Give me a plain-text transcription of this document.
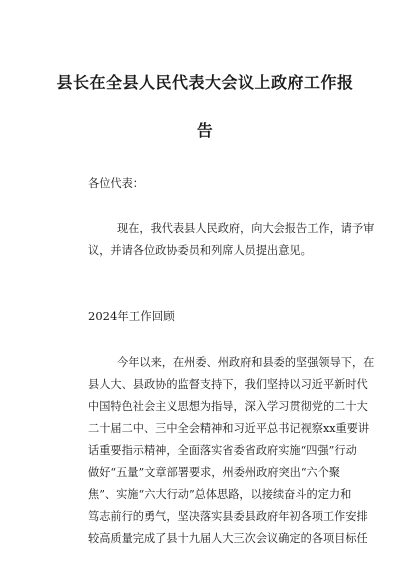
县长在全县人民代表大会议上政府工作报
告

各位代表：

现在，我代表县人民政府，向大会报告工作，请予审

议，并请各位政协委员和列席人员提出意见。

2024年工作回顾

今年以来，在州委、州政府和县委的坚强领导下，在

县人大、县政协的监督支持下，我们坚持以习近平新时代

中国特色社会主义思想为指导，深入学习贯彻党的二十大

二十届二中、三中全会精神和习近平总书记视察xx重要讲

话重要指示精神，全面落实省委省政府实施“四强”行动

做好“五量”文章部署要求，州委州政府突出“六个聚

焦”、实施“六大行动”总体思路，以接续奋斗的定力和

笃志前行的勇气，坚决落实县委县政府年初各项工作安排

较高质量完成了县十九届人大三次会议确定的各项目标任
